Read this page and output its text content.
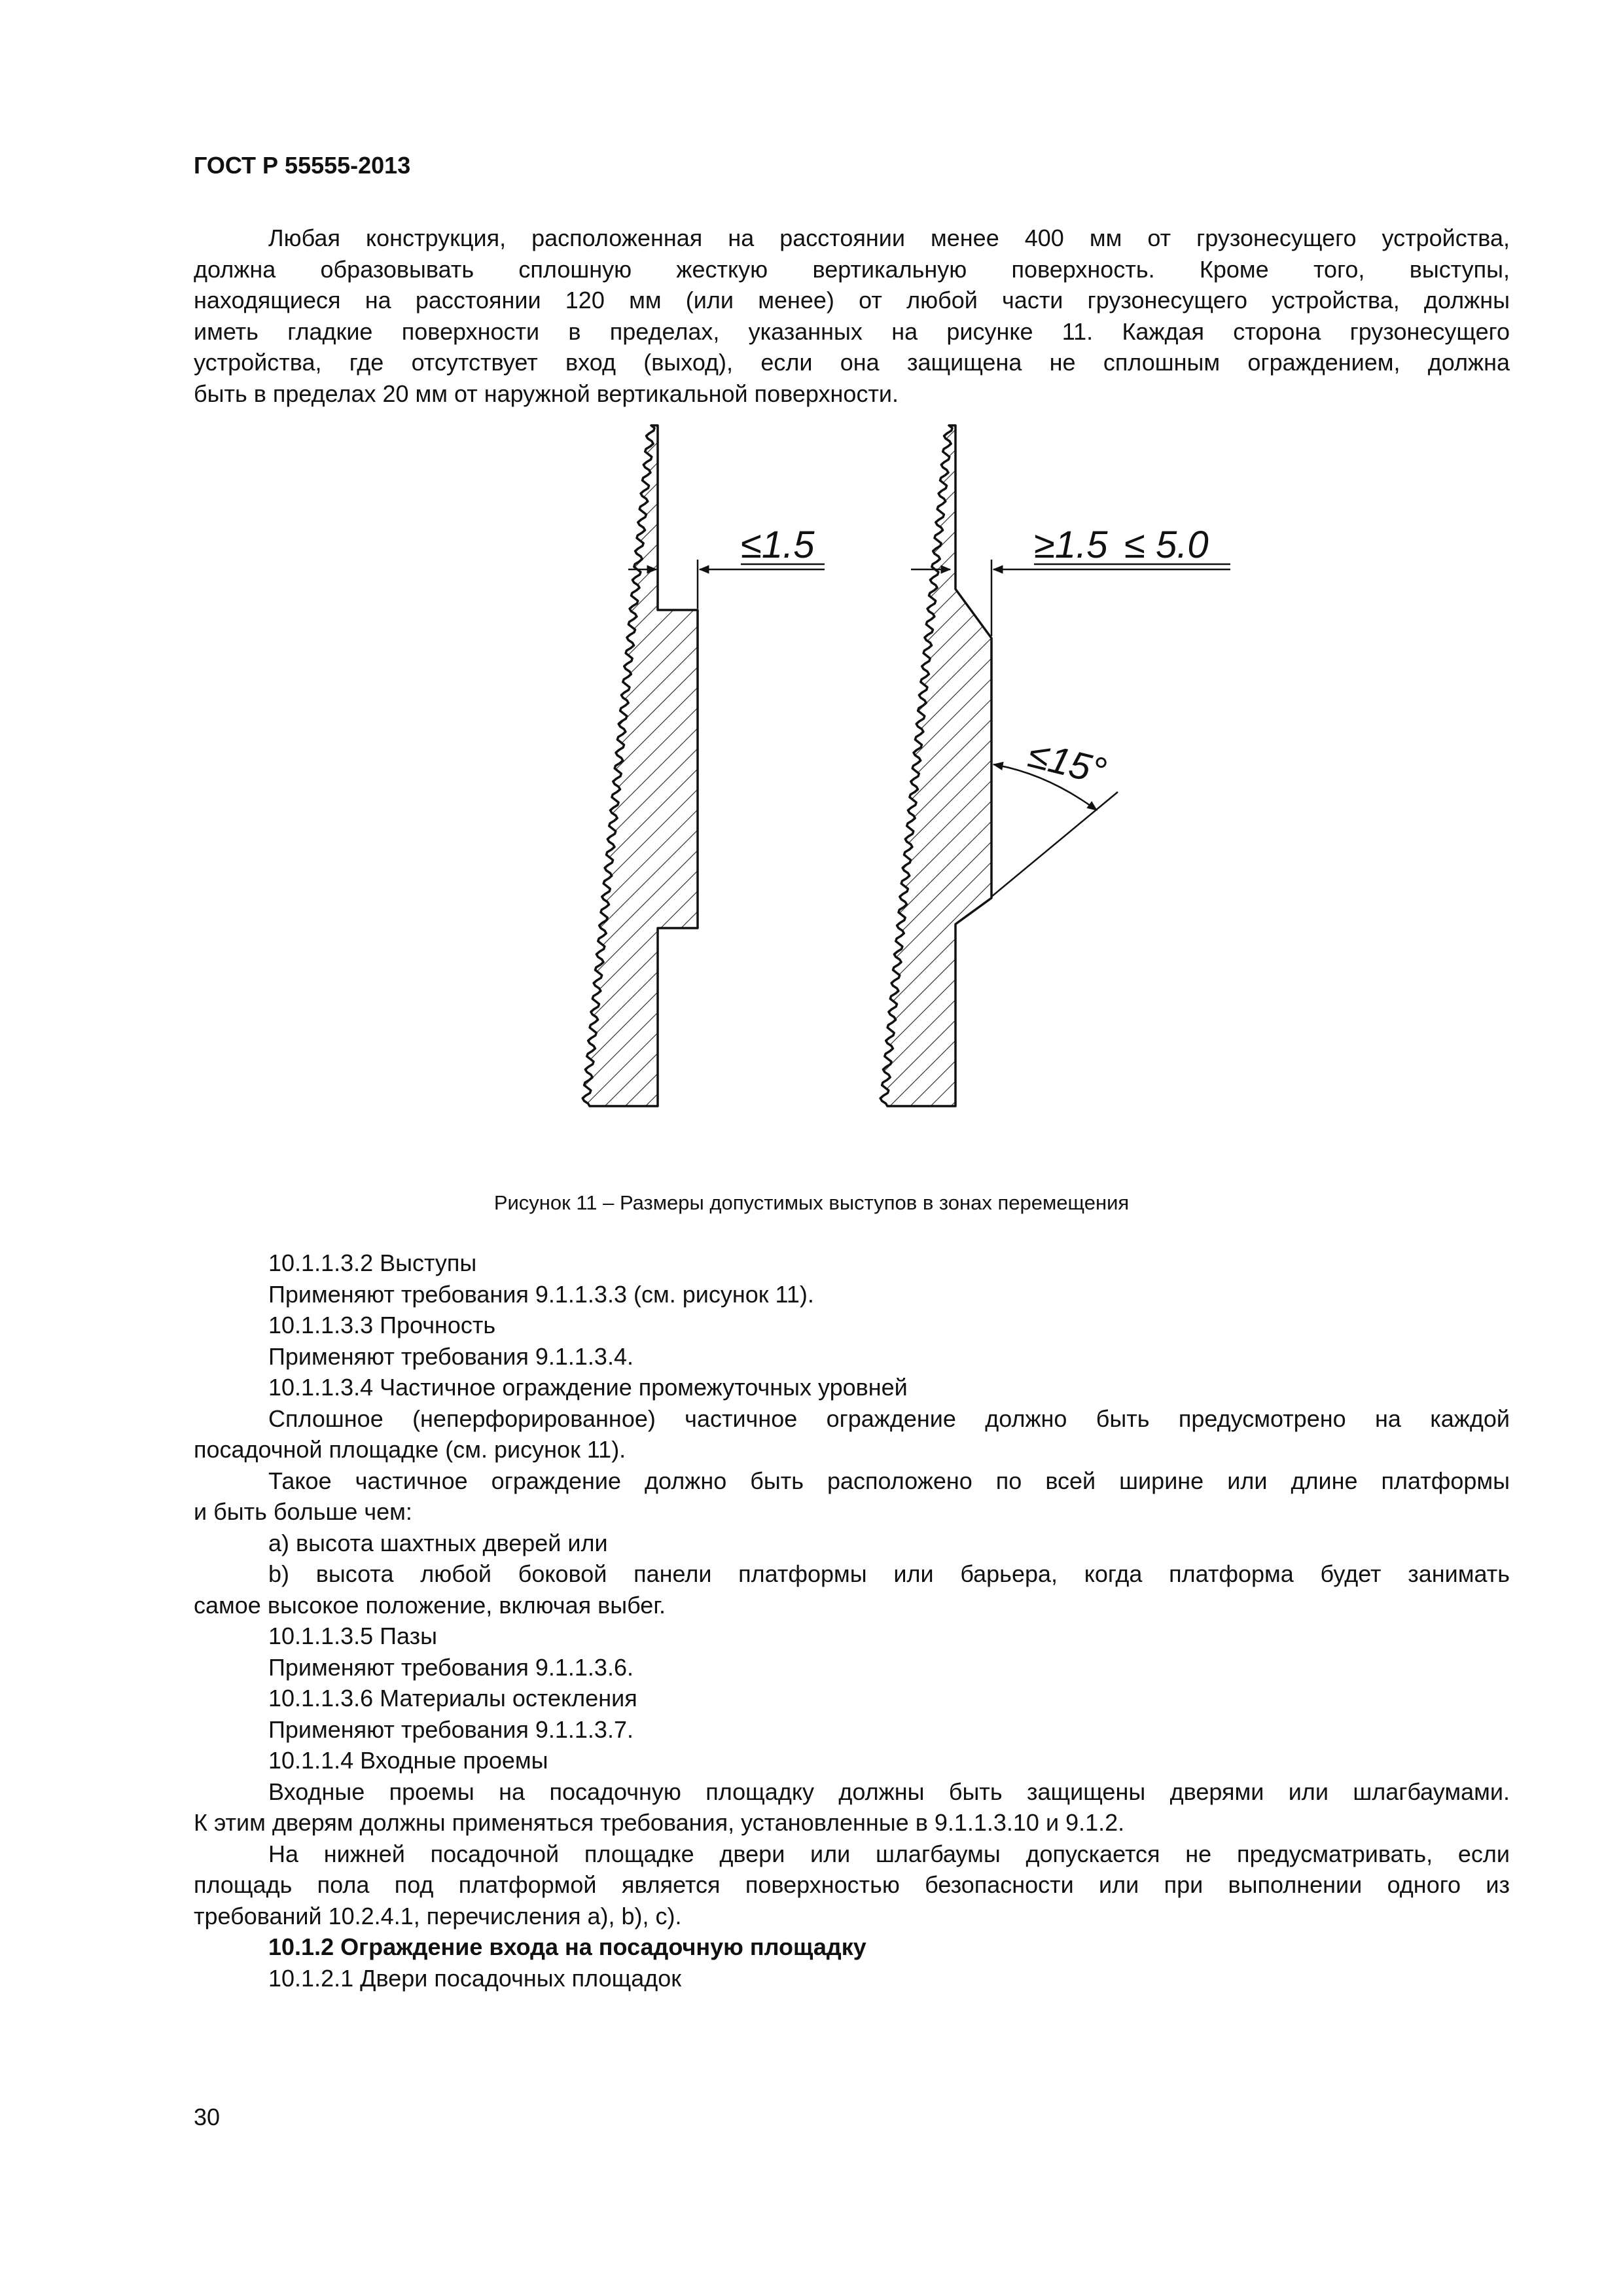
ГОСТ Р 55555-2013
Любая конструкция, расположенная на расстоянии менее 400 мм от грузонесущего устройства,
должна образовывать сплошную жесткую вертикальную поверхность. Кроме того, выступы,
находящиеся на расстоянии 120 мм (или менее) от любой части грузонесущего устройства, должны
иметь гладкие поверхности в пределах, указанных на рисунке 11. Каждая сторона грузонесущего
устройства, где отсутствует вход (выход), если она защищена не сплошным ограждением, должна
быть в пределах 20 мм от наружной вертикальной поверхности.
≤1.5	≥1.5 ≤ 5.0
≤15°
Рисунок 11 – Размеры допустимых выступов в зонах перемещения
10.1.1.3.2 Выступы
Применяют требования 9.1.1.3.3 (см. рисунок 11).
10.1.1.3.3 Прочность
Применяют требования 9.1.1.3.4.
10.1.1.3.4 Частичное ограждение промежуточных уровней
Сплошное (неперфорированное) частичное ограждение должно быть предусмотрено на каждой
посадочной площадке (см. рисунок 11).
Такое частичное ограждение должно быть расположено по всей ширине или длине платформы
и быть больше чем:
a) высота шахтных дверей или
b) высота любой боковой панели платформы или барьера, когда платформа будет занимать
самое высокое положение, включая выбег.
10.1.1.3.5 Пазы
Применяют требования 9.1.1.3.6.
10.1.1.3.6 Материалы остекления
Применяют требования 9.1.1.3.7.
10.1.1.4 Входные проемы
Входные проемы на посадочную площадку должны быть защищены дверями или шлагбаумами.
К этим дверям должны применяться требования, установленные в 9.1.1.3.10 и 9.1.2.
На нижней посадочной площадке двери или шлагбаумы допускается не предусматривать, если
площадь пола под платформой является поверхностью безопасности или при выполнении одного из
требований 10.2.4.1, перечисления a), b), c).
10.1.2 Ограждение входа на посадочную площадку
10.1.2.1 Двери посадочных площадок
30
